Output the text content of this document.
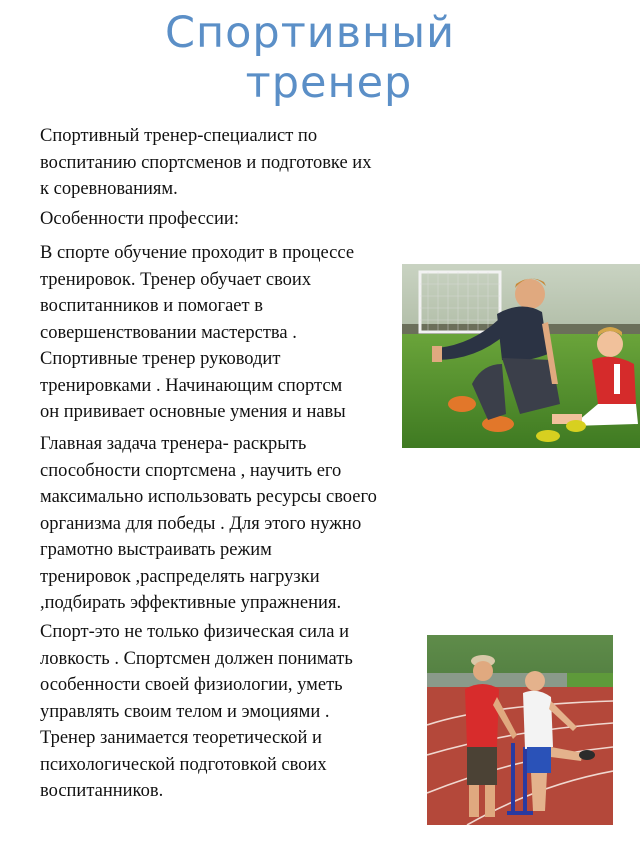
Спортивный
тренер

Спортивный тренер-специалист по
воспитанию спортсменов и подготовке их
к соревнованиям.

Особенности профессии:

В спорте обучение проходит в процессе
тренировок. Тренер обучает своих
воспитанников и помогает в
совершенствовании мастерства .
Спортивные тренер руководит
тренировками . Начинающим спортсм
он прививает основные умения и навы

Главная задача тренера- раскрыть
способности спортсмена , научить его
максимально использовать ресурсы своего
организма для победы . Для этого нужно
грамотно выстраивать режим
тренировок ,распределять нагрузки
,подбирать эффективные упражнения.

Спорт-это не только физическая сила и
ловкость . Спортсмен должен понимать
особенности своей физиологии, уметь
управлять своим телом и эмоциями .
Тренер занимается теоретической и
психологической подготовкой своих
воспитанников.
